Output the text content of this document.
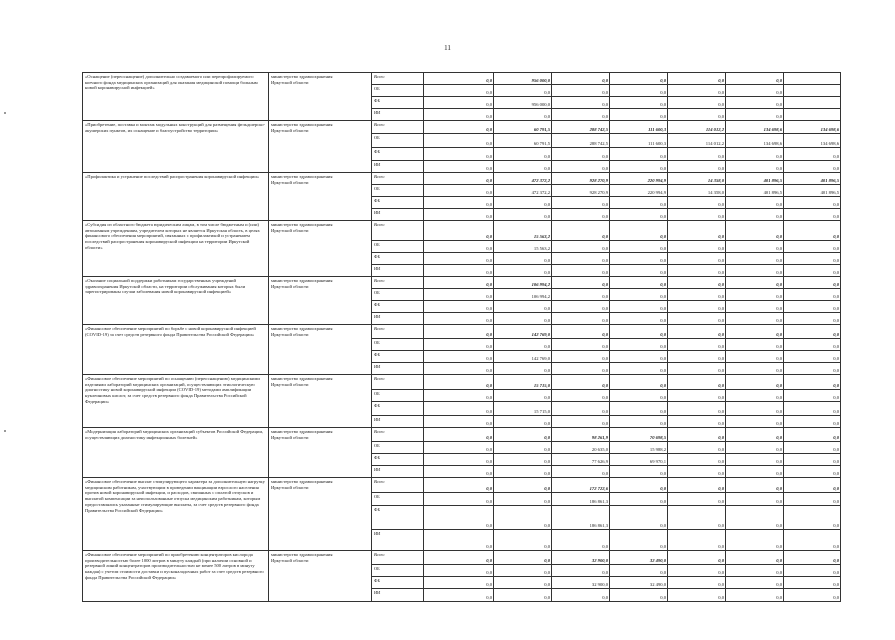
11
«Оснащение (переоснащение) дополнительно создаваемого или перепрофилируемого коечного фонда медицинских организаций для оказания медицинской помощи больным новой коронавирусной инфекцией»	министерство здравоохранения
Иркутской области	Всего	0,0	956 000,0	0,0	0,0	0,0	0,0	
		ОБ	0,0	0,0	0,0	0,0	0,0	0,0	
		ФБ	0,0	956 000,0	0,0	0,0	0,0	0,0	
		ИИ	0,0	0,0	0,0	0,0	0,0	0,0	
«Приобретение, поставка и монтаж модульных конструкций для размещения фельдшерско-акушерских пунктов, их оснащение и благоустройство территории»	министерство здравоохранения
Иркутской области	Всего	0,0	60 791,5	288 742,5	111 600,3	114 012,2	134 698,6	134 698,6
		ОБ	0,0	60 791,5	288 742,5	111 600,3	114 012,2	134 698,6	134 698,6
		ФБ	0,0	0,0	0,0	0,0	0,0	0,0	0,0
		ИИ	0,0	0,0	0,0	0,0	0,0	0,0	0,0
«Профилактика и устранение последствий распространения коронавирусной инфекции»	министерство здравоохранения
Иркутской области	Всего	0,0	472 372,2	928 270,9	220 994,9	14 358,0	401 896,5	401 896,5
		ОБ	0,0	472 372,2	928 270,9	220 994,9	14 358,0	401 896,5	401 896,5
		ФБ	0,0	0,0	0,0	0,0	0,0	0,0	0,0
		ИИ	0,0	0,0	0,0	0,0	0,0	0,0	0,0
«Субсидия из областного бюджета юридическим лицам, в том числе бюджетным и (или) автономным учреждениям, учредителем которых не является Иркутская область, в целях финансового обеспечения мероприятий, связанных с профилактикой и устранением последствий распространения коронавирусной инфекции на территории Иркутской области»	министерство здравоохранения
Иркутской области	Всего	0,0	15 563,2	0,0	0,0	0,0	0,0	0,0
		ОБ	0,0	15 563,2	0,0	0,0	0,0	0,0	0,0
		ФБ	0,0	0,0	0,0	0,0	0,0	0,0	0,0
		ИИ	0,0	0,0	0,0	0,0	0,0	0,0	0,0
«Оказание социальной поддержки работникам государственных учреждений здравоохранения Иркутской области, на территории обслуживания которых были зарегистрированы случаи заболевания новой коронавирусной инфекцией»	министерство здравоохранения
Иркутской области	Всего	0,0	106 994,2	0,0	0,0	0,0	0,0	0,0
		ОБ	0,0	106 994,2	0,0	0,0	0,0	0,0	0,0
		ФБ	0,0	0,0	0,0	0,0	0,0	0,0	0,0
		ИИ	0,0	0,0	0,0	0,0	0,0	0,0	0,0
«Финансовое обеспечение мероприятий по борьбе с новой коронавирусной инфекцией (COVID-19) за счет средств резервного фонда Правительства Российской Федерации»	министерство здравоохранения
Иркутской области	Всего	0,0	142 769,0	0,0	0,0	0,0	0,0	0,0
		ОБ	0,0	0,0	0,0	0,0	0,0	0,0	0,0
		ФБ	0,0	142 769,0	0,0	0,0	0,0	0,0	0,0
		ИИ	0,0	0,0	0,0	0,0	0,0	0,0	0,0
«Финансовое обеспечение мероприятий по оснащению (переоснащению) медицинскими изделиями лабораторий медицинских организаций, осуществляющих этиологическую диагностику новой коронавирусной инфекции (COVID-19) методами амплификации нуклеиновых кислот, за счет средств резервного фонда Правительства Российской Федерации»	министерство здравоохранения
Иркутской области	Всего	0,0	15 715,0	0,0	0,0	0,0	0,0	0,0
		ОБ	0,0	0,0	0,0	0,0	0,0	0,0	0,0
		ФБ	0,0	15 715,0	0,0	0,0	0,0	0,0	0,0
		ИИ	0,0	0,0	0,0	0,0	0,0	0,0	0,0
«Модернизация лабораторий медицинских организаций субъектов Российской Федерации, осуществляющих диагностику инфекционных болезней»	министерство здравоохранения
Иркутской области	Всего	0,0	0,0	98 261,9	70 698,5	0,0	0,0	0,0
		ОБ	0,0	0,0	20 635,0	15 988,2	0,0	0,0	0,0
		ФБ	0,0	0,0	77 626,9	69 970,1	0,0	0,0	0,0
		ИИ	0,0	0,0	0,0	0,0	0,0	0,0	0,0
«Финансовое обеспечение выплат стимулирующего характера за дополнительную нагрузку медицинским работникам, участвующим в проведении вакцинации взрослого населения против новой коронавирусной инфекции, и расходов, связанных с оплатой отпусков и выплатой компенсации за неиспользованные отпуска медицинским работникам, которым предоставлялись указанные стимулирующие выплаты, за счет средств резервного фонда Правительства Российской Федерации»	министерство здравоохранения
Иркутской области	Всего	0,0	0,0	172 722,6	0,0	0,0	0,0	0,0
		ОБ	0,0	0,0	186 861,3	0,0	0,0	0,0	0,0
		ФБ	0,0	0,0	186 861,3	0,0	0,0	0,0	0,0
		ИИ	0,0	0,0	0,0	0,0	0,0	0,0	0,0
«Финансовое обеспечение мероприятий по приобретению концентраторов кислорода производительностью более 1000 литров в минуту каждый (при наличии основной и резервной линий концентраторов производительностью не менее 500 литров в минуту каждая) с учетом стоимости доставки и пусконаладочных работ за счет средств резервного фонда Правительства Российской Федерации»	министерство здравоохранения
Иркутской области	Всего	0,0	0,0	32 900,0	32 490,0	0,0	0,0	0,0
		ОБ	0,0	0,0	0,0	0,0	0,0	0,0	0,0
		ФБ	0,0	0,0	32 900,0	32 490,0	0,0	0,0	0,0
		ИИ	0,0	0,0	0,0	0,0	0,0	0,0	0,0
